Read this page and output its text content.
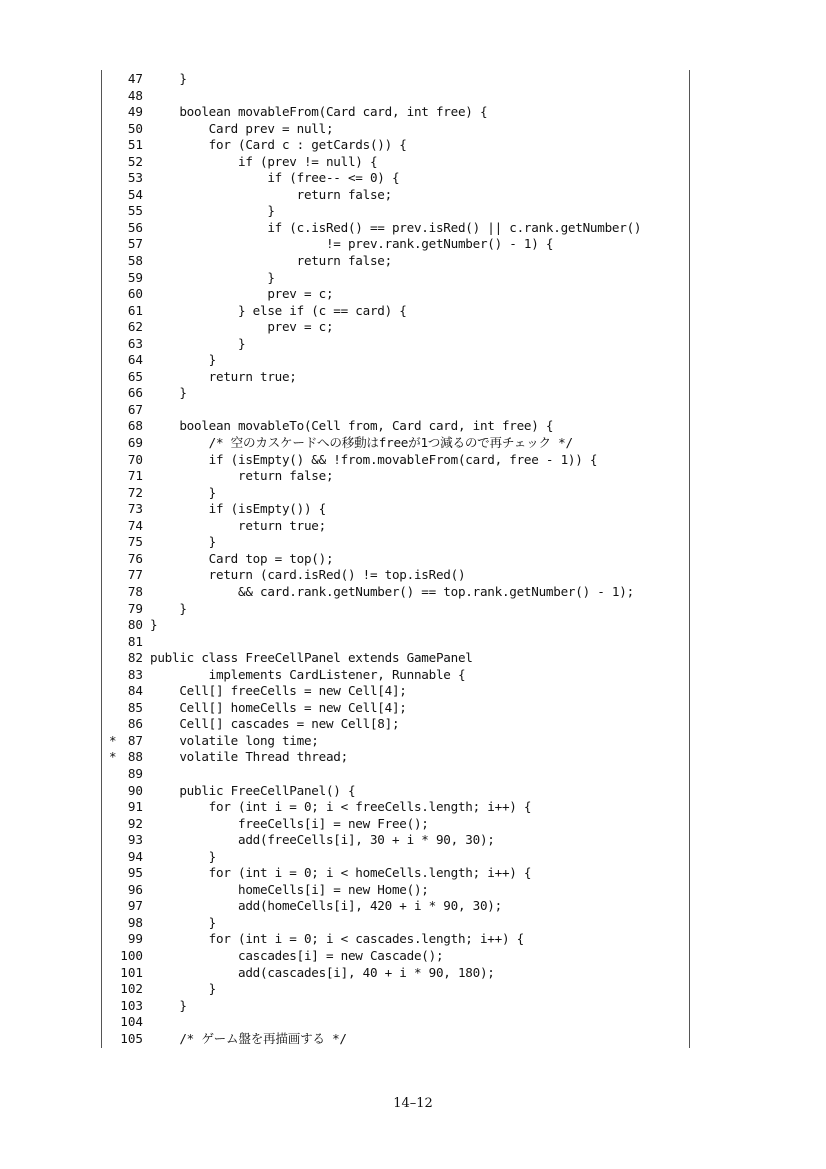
47 }
48
49 boolean movableFrom(Card card, int free) {
50 Card prev = null;
51 for (Card c : getCards()) {
52 if (prev != null) {
53 if (free-- <= 0) {
54 return false;
55 }
56 if (c.isRed() == prev.isRed() || c.rank.getNumber()
57 != prev.rank.getNumber() - 1) {
58 return false;
59 }
60 prev = c;
61 } else if (c == card) {
62 prev = c;
63 }
64 }
65 return true;
66 }
67
68 boolean movableTo(Cell from, Card card, int free) {
69 /* 空のカスケードへの移動はfreeが1つ減るので再チェック */
70 if (isEmpty() && !from.movableFrom(card, free - 1)) {
71 return false;
72 }
73 if (isEmpty()) {
74 return true;
75 }
76 Card top = top();
77 return (card.isRed() != top.isRed()
78 && card.rank.getNumber() == top.rank.getNumber() - 1);
79 }
80 }
81
82 public class FreeCellPanel extends GamePanel
83 implements CardListener, Runnable {
84 Cell[] freeCells = new Cell[4];
85 Cell[] homeCells = new Cell[4];
86 Cell[] cascades = new Cell[8];
* 87 volatile long time;
* 88 volatile Thread thread;
89
90 public FreeCellPanel() {
91 for (int i = 0; i < freeCells.length; i++) {
92 freeCells[i] = new Free();
93 add(freeCells[i], 30 + i * 90, 30);
94 }
95 for (int i = 0; i < homeCells.length; i++) {
96 homeCells[i] = new Home();
97 add(homeCells[i], 420 + i * 90, 30);
98 }
99 for (int i = 0; i < cascades.length; i++) {
100 cascades[i] = new Cascade();
101 add(cascades[i], 40 + i * 90, 180);
102 }
103 }
104
105 /* ゲーム盤を再描画する */
14–12
